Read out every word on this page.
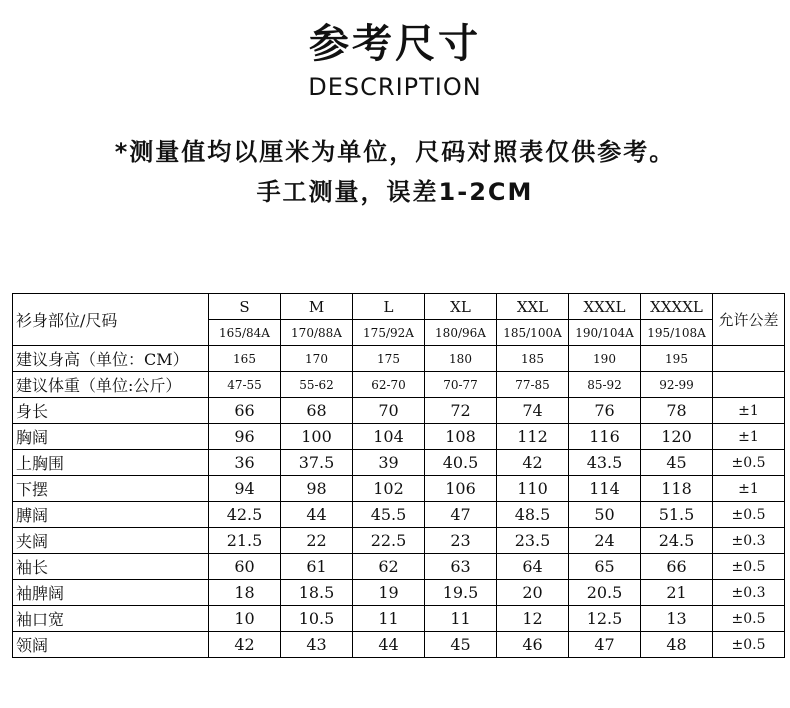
参考尺寸
DESCRIPTION
*测量值均以厘米为单位，尺码对照表仅供参考。
手工测量，误差1-2CM
衫身部位/尺码	S	M	L	XL	XXL	XXXL	XXXXL	允许公差
	165/84A	170/88A	175/92A	180/96A	185/100A	190/104A	195/108A	
建议身高（单位：CM）	165	170	175	180	185	190	195	
建议体重（单位:公斤）	47-55	55-62	62-70	70-77	77-85	85-92	92-99	
身长	66	68	70	72	74	76	78	±1
胸阔	96	100	104	108	112	116	120	±1
上胸围	36	37.5	39	40.5	42	43.5	45	±0.5
下摆	94	98	102	106	110	114	118	±1
膊阔	42.5	44	45.5	47	48.5	50	51.5	±0.5
夹阔	21.5	22	22.5	23	23.5	24	24.5	±0.3
袖长	60	61	62	63	64	65	66	±0.5
袖脾阔	18	18.5	19	19.5	20	20.5	21	±0.3
袖口宽	10	10.5	11	11	12	12.5	13	±0.5
领阔	42	43	44	45	46	47	48	±0.5
